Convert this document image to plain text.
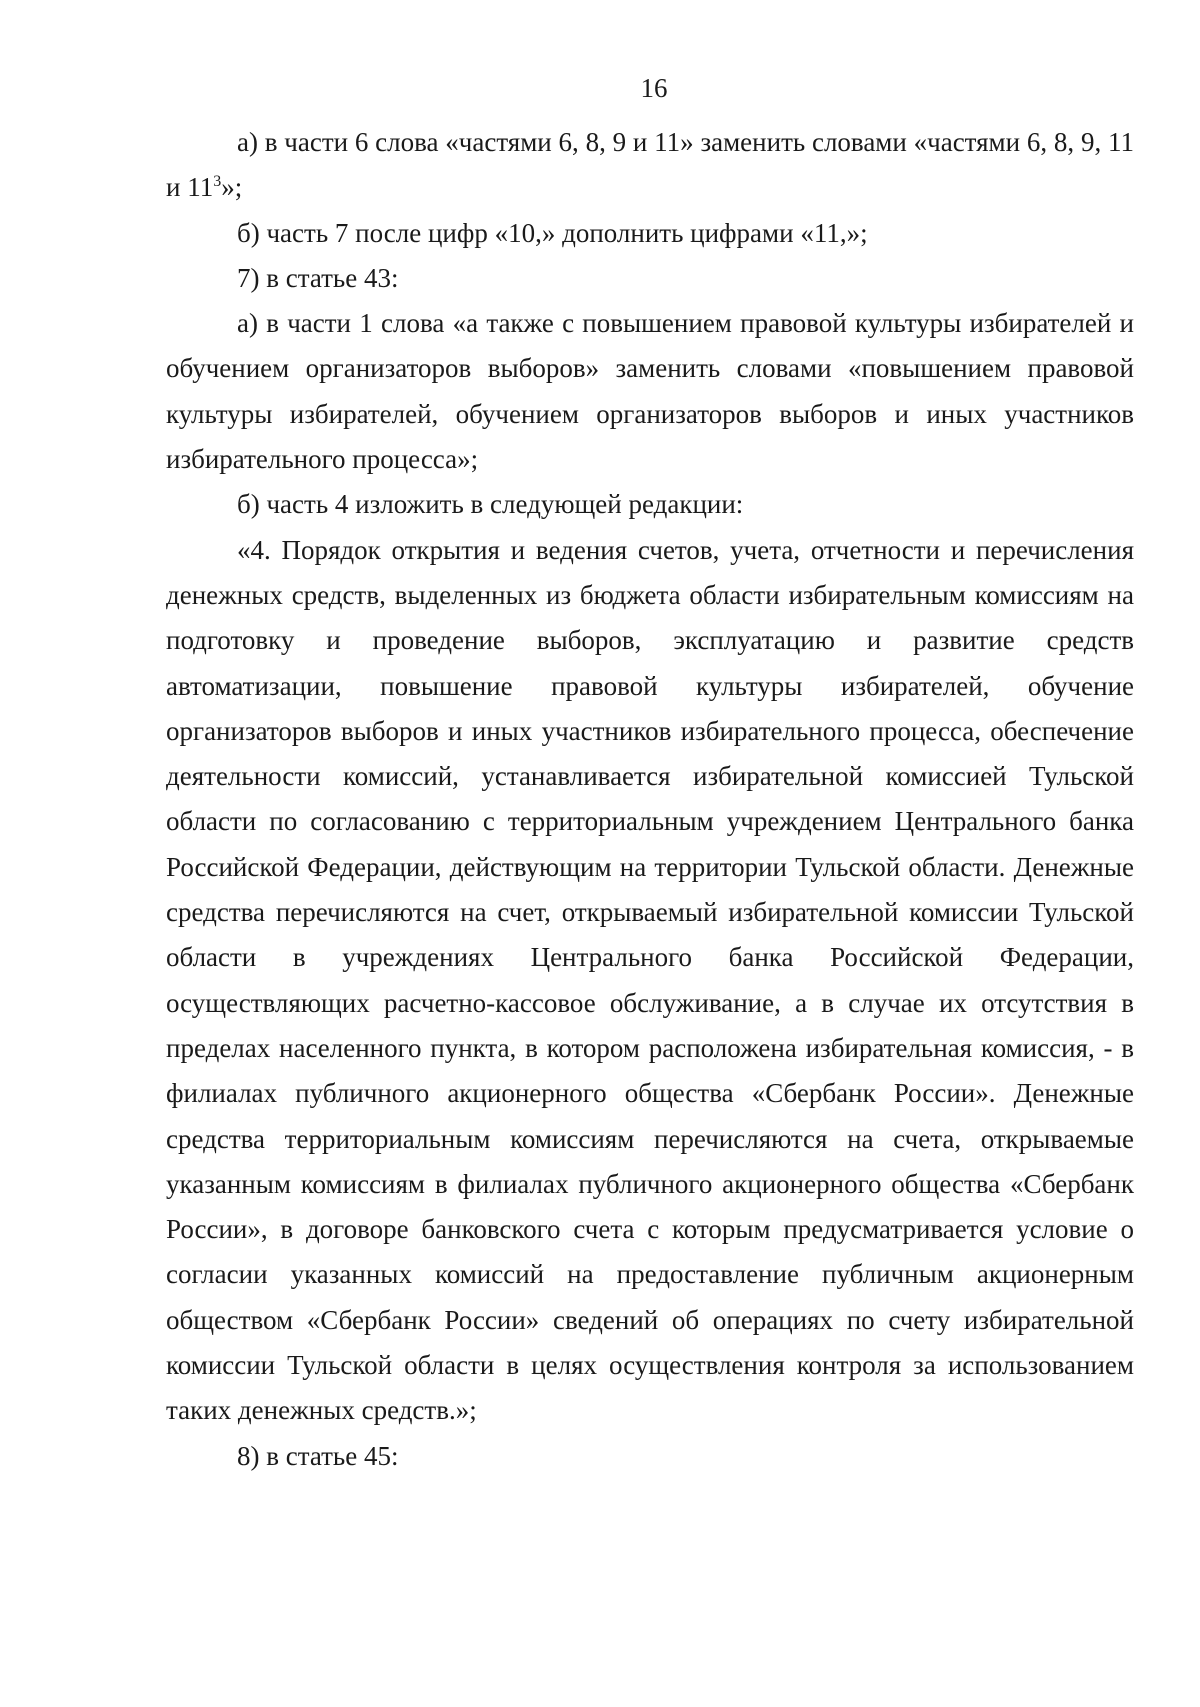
16

а) в части 6 слова «частями 6, 8, 9 и 11» заменить словами «частями 6, 8, 9, 11 и $11^3$»;

б) часть 7 после цифр «10,» дополнить цифрами «11,»;

7) в статье 43:

а) в части 1 слова «а также с повышением правовой культуры избирателей и обучением организаторов выборов» заменить словами «повышением правовой культуры избирателей, обучением организаторов выборов и иных участников избирательного процесса»;

б) часть 4 изложить в следующей редакции:

«4. Порядок открытия и ведения счетов, учета, отчетности и перечисления денежных средств, выделенных из бюджета области избирательным комиссиям на подготовку и проведение выборов, эксплуатацию и развитие средств автоматизации, повышение правовой культуры избирателей, обучение организаторов выборов и иных участников избирательного процесса, обеспечение деятельности комиссий, устанавливается избирательной комиссией Тульской области по согласованию с территориальным учреждением Центрального банка Российской Федерации, действующим на территории Тульской области. Денежные средства перечисляются на счет, открываемый избирательной комиссии Тульской области в учреждениях Центрального банка Российской Федерации, осуществляющих расчетно-кассовое обслуживание, а в случае их отсутствия в пределах населенного пункта, в котором расположена избирательная комиссия, - в филиалах публичного акционерного общества «Сбербанк России». Денежные средства территориальным комиссиям перечисляются на счета, открываемые указанным комиссиям в филиалах публичного акционерного общества «Сбербанк России», в договоре банковского счета с которым предусматривается условие о согласии указанных комиссий на предоставление публичным акционерным обществом «Сбербанк России» сведений об операциях по счету избирательной комиссии Тульской области в целях осуществления контроля за использованием таких денежных средств.»;

8) в статье 45:
